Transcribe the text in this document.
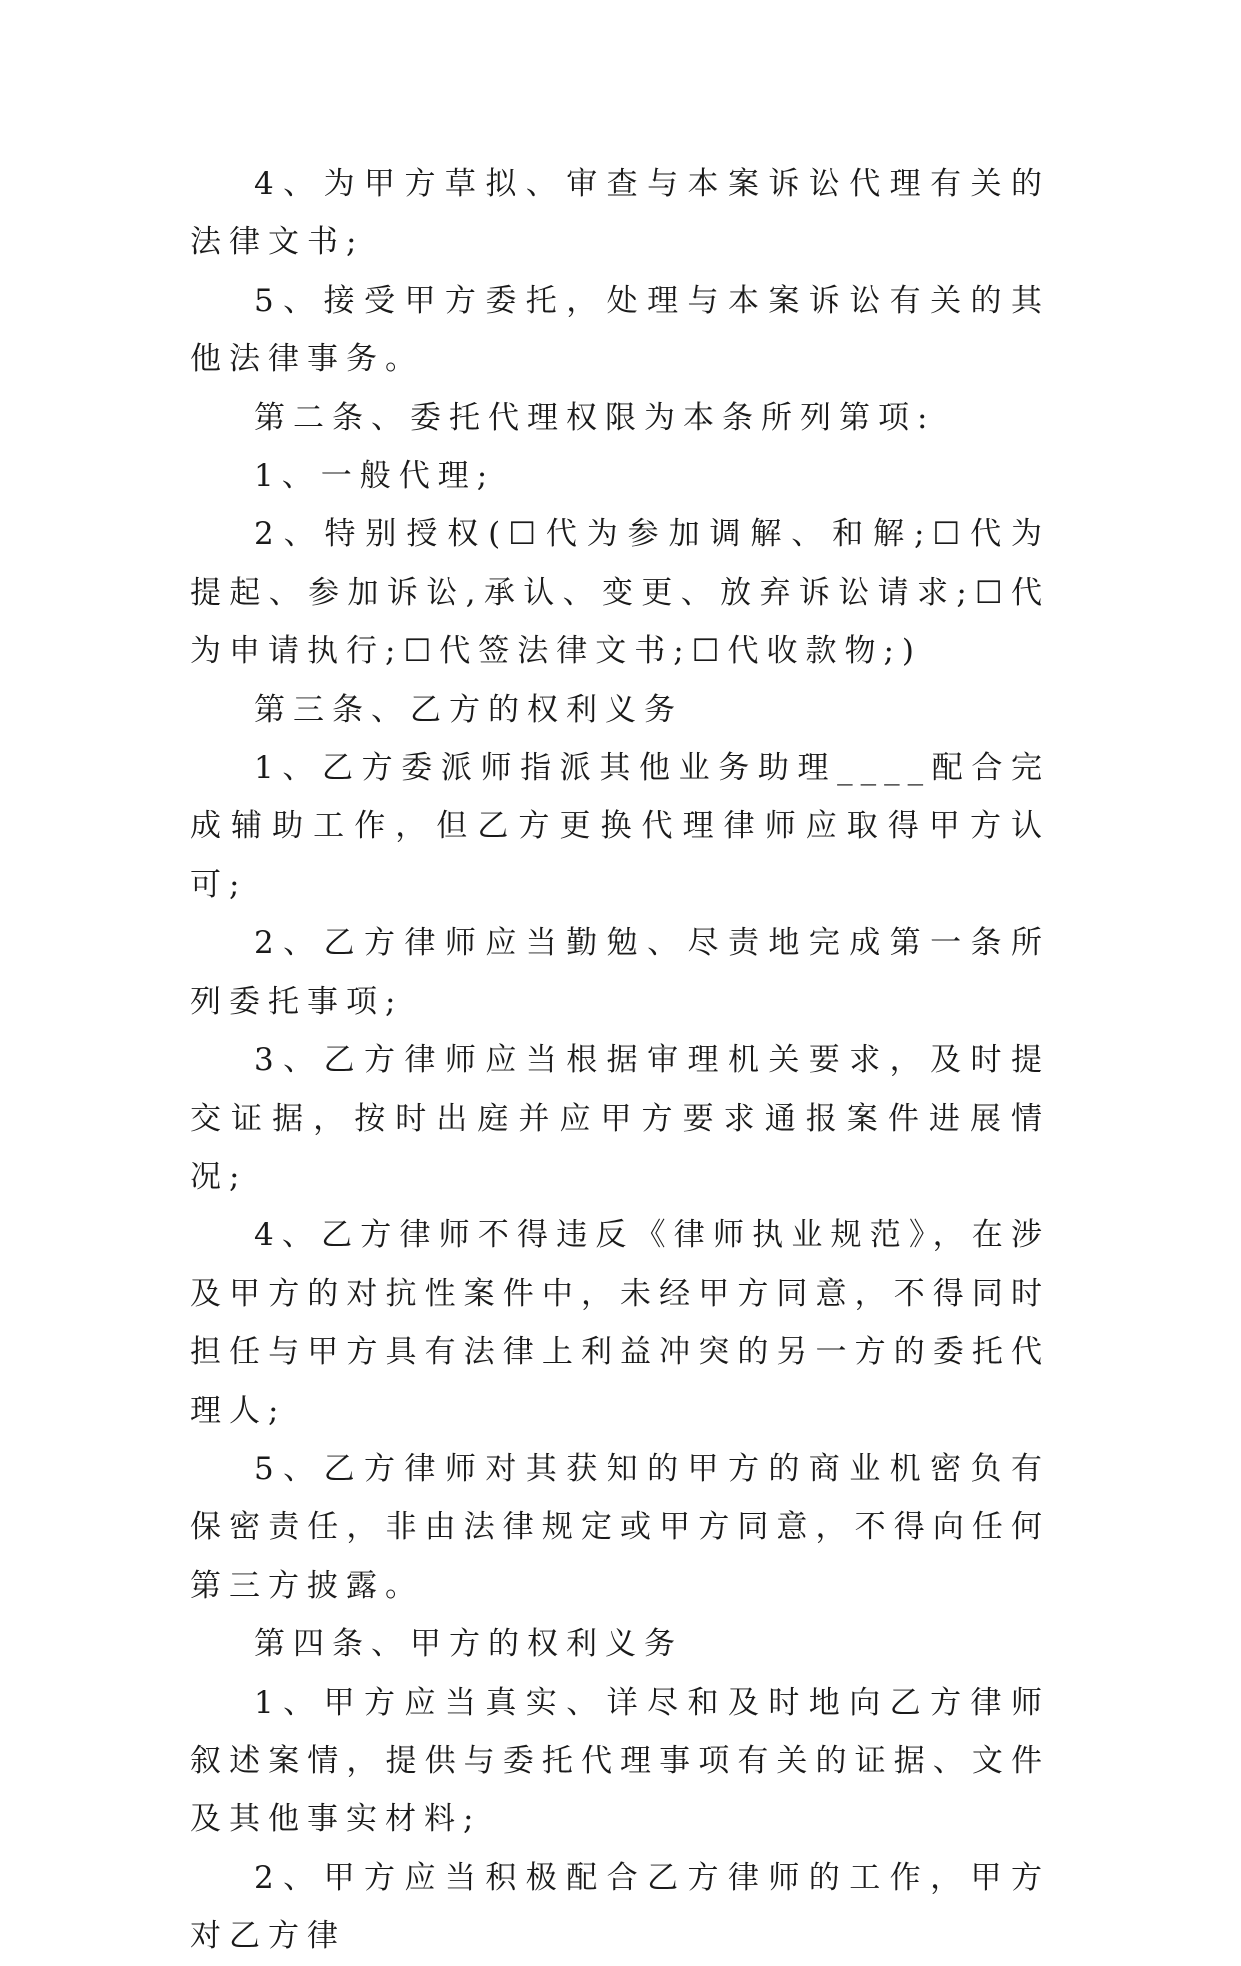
4、为甲方草拟、审查与本案诉讼代理有关的法律文书;

5、接受甲方委托，处理与本案诉讼有关的其他法律事务。

第二条、委托代理权限为本条所列第项:

1、一般代理;

2、特别授权(☐代为参加调解、和解;☐代为提起、参加诉讼,承认、变更、放弃诉讼请求;☐代为申请执行;☐代签法律文书;☐代收款物;)

第三条、乙方的权利义务

1、乙方委派师指派其他业务助理____配合完成辅助工作，但乙方更换代理律师应取得甲方认可;

2、乙方律师应当勤勉、尽责地完成第一条所列委托事项;

3、乙方律师应当根据审理机关要求，及时提交证据，按时出庭并应甲方要求通报案件进展情况;

4、乙方律师不得违反《律师执业规范》，在涉及甲方的对抗性案件中，未经甲方同意，不得同时担任与甲方具有法律上利益冲突的另一方的委托代理人;

5、乙方律师对其获知的甲方的商业机密负有保密责任，非由法律规定或甲方同意，不得向任何第三方披露。

第四条、甲方的权利义务

1、甲方应当真实、详尽和及时地向乙方律师叙述案情，提供与委托代理事项有关的证据、文件及其他事实材料;

2、甲方应当积极配合乙方律师的工作，甲方对乙方律
